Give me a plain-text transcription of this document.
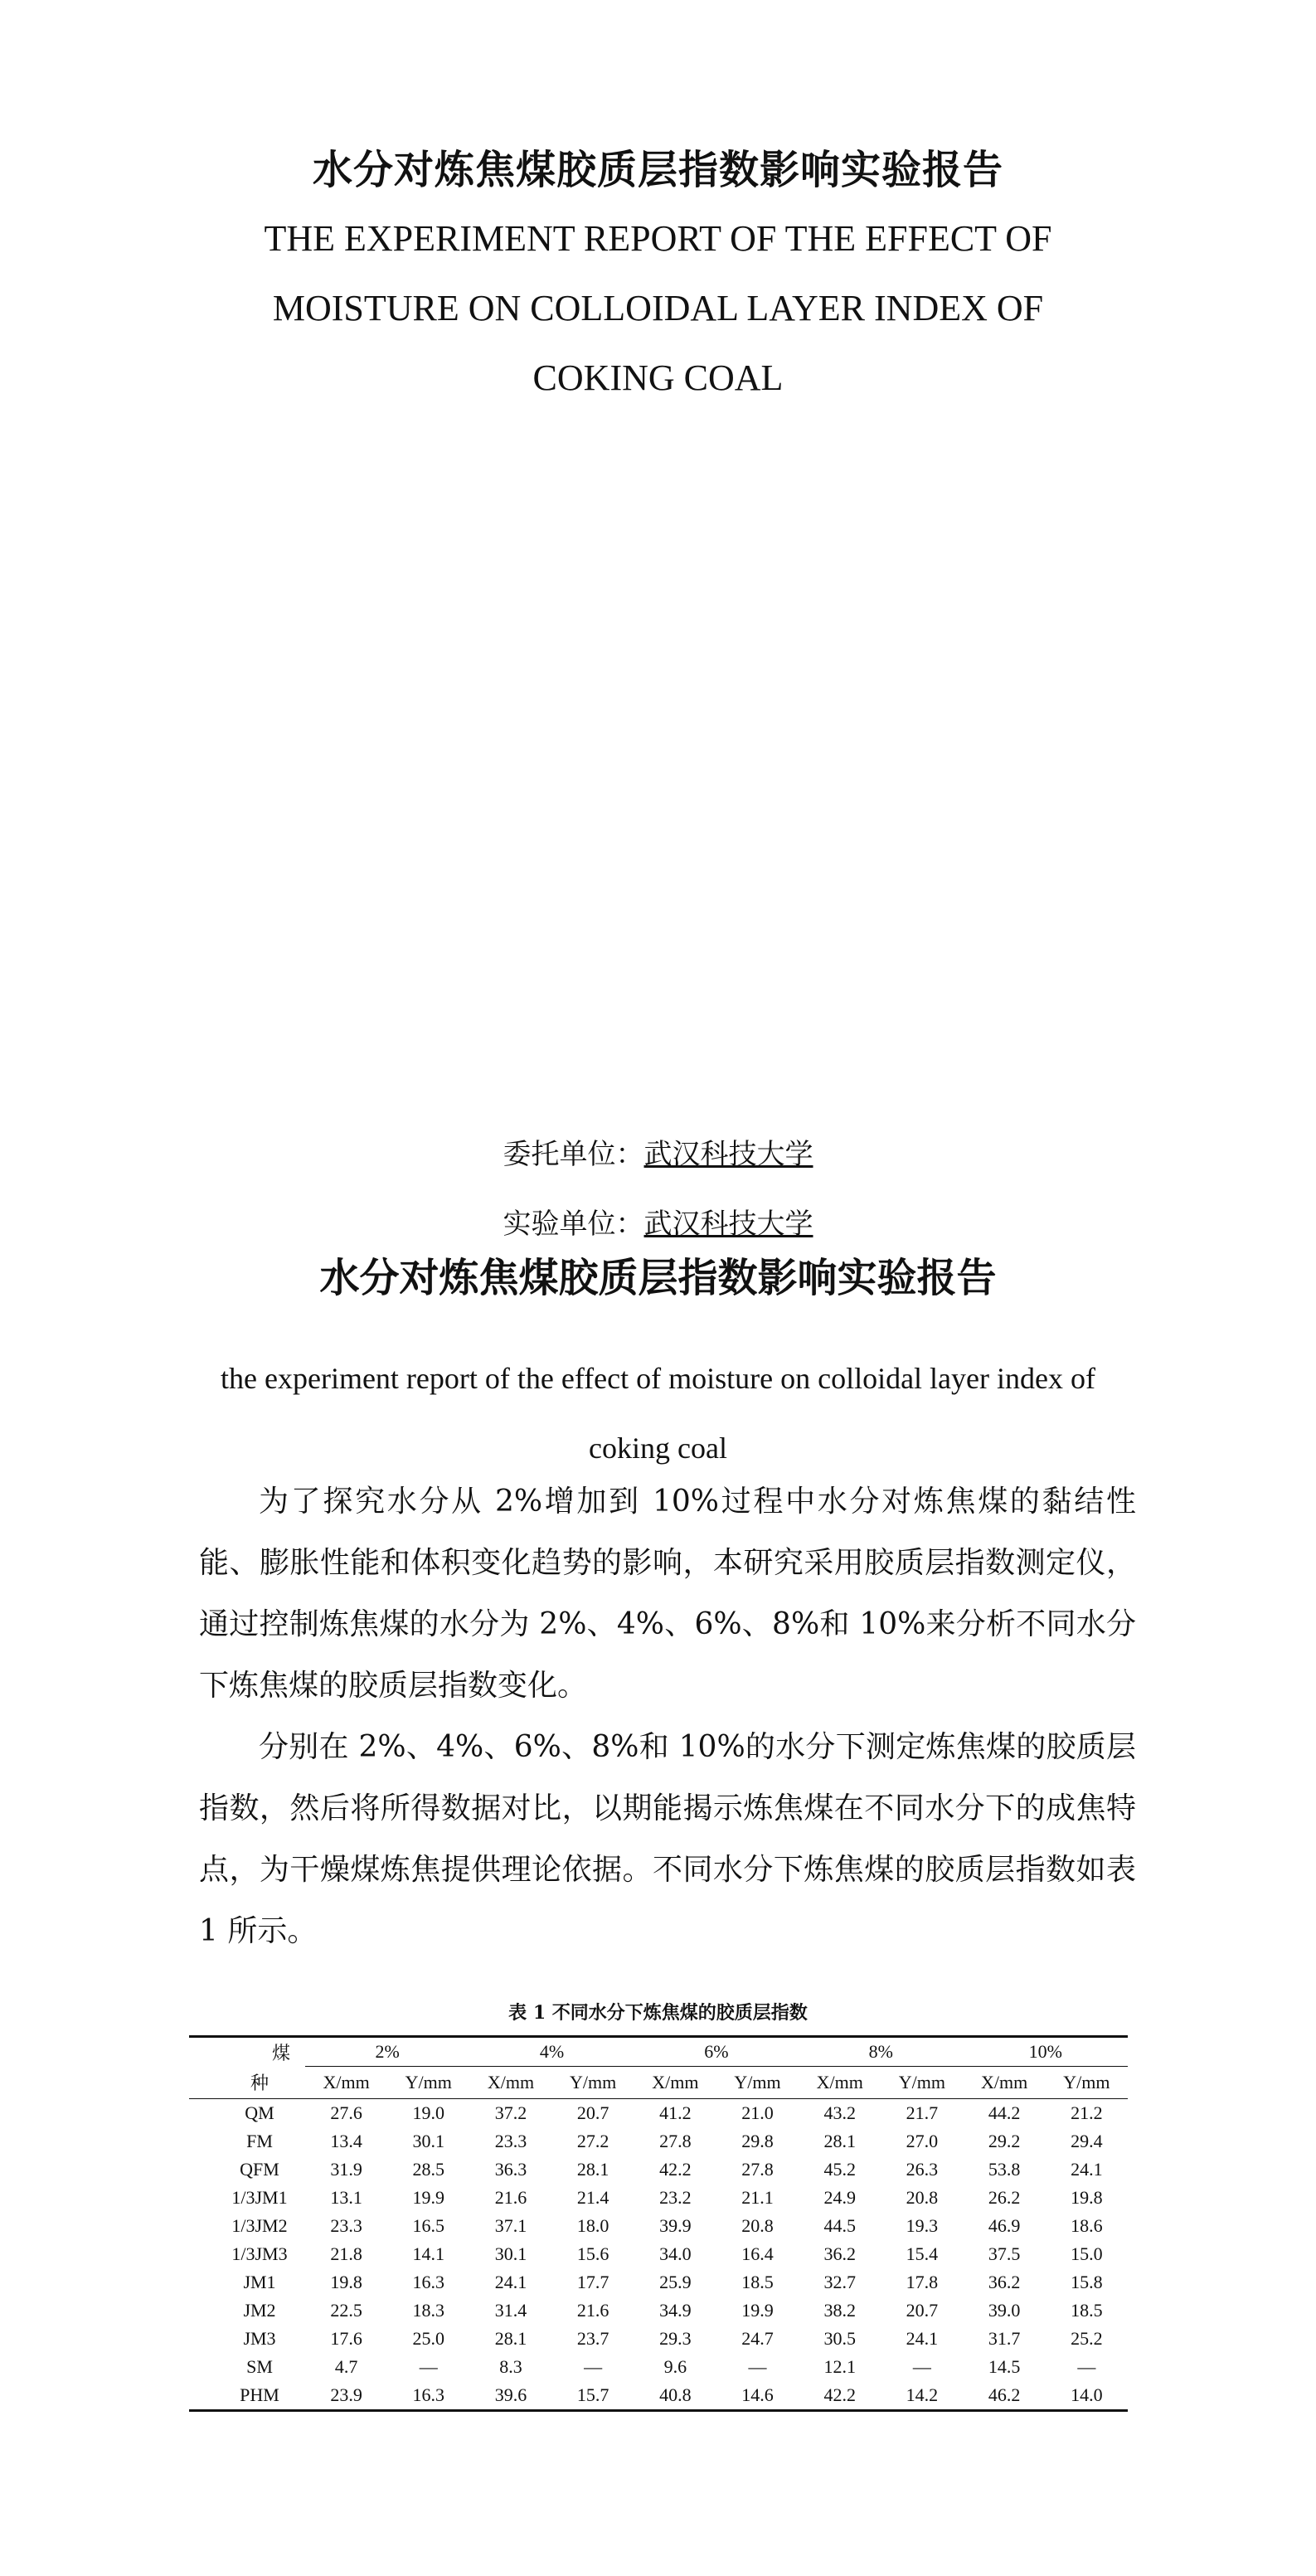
水分对炼焦煤胶质层指数影响实验报告
THE EXPERIMENT REPORT OF THE EFFECT OF
MOISTURE ON COLLOIDAL LAYER INDEX OF
COKING COAL
委托单位：武汉科技大学
实验单位：武汉科技大学
水分对炼焦煤胶质层指数影响实验报告
the experiment report of the effect of moisture on colloidal layer index of
coking coal

为了探究水分从 2%增加到 10%过程中水分对炼焦煤的黏结性能、膨胀性能和体积变化趋势的影响，本研究采用胶质层指数测定仪，通过控制炼焦煤的水分为 2%、4%、6%、8%和 10%来分析不同水分下炼焦煤的胶质层指数变化。

分别在 2%、4%、6%、8%和 10%的水分下测定炼焦煤的胶质层指数，然后将所得数据对比，以期能揭示炼焦煤在不同水分下的成焦特点，为干燥煤炼焦提供理论依据。不同水分下炼焦煤的胶质层指数如表 1 所示。

表 1 不同水分下炼焦煤的胶质层指数
煤	2%		4%		6%		8%		10%	
种	X/mm	Y/mm	X/mm	Y/mm	X/mm	Y/mm	X/mm	Y/mm	X/mm	Y/mm
QM	27.6	19.0	37.2	20.7	41.2	21.0	43.2	21.7	44.2	21.2
FM	13.4	30.1	23.3	27.2	27.8	29.8	28.1	27.0	29.2	29.4
QFM	31.9	28.5	36.3	28.1	42.2	27.8	45.2	26.3	53.8	24.1
1/3JM1	13.1	19.9	21.6	21.4	23.2	21.1	24.9	20.8	26.2	19.8
1/3JM2	23.3	16.5	37.1	18.0	39.9	20.8	44.5	19.3	46.9	18.6
1/3JM3	21.8	14.1	30.1	15.6	34.0	16.4	36.2	15.4	37.5	15.0
JM1	19.8	16.3	24.1	17.7	25.9	18.5	32.7	17.8	36.2	15.8
JM2	22.5	18.3	31.4	21.6	34.9	19.9	38.2	20.7	39.0	18.5
JM3	17.6	25.0	28.1	23.7	29.3	24.7	30.5	24.1	31.7	25.2
SM	4.7	—	8.3	—	9.6	—	12.1	—	14.5	—
PHM	23.9	16.3	39.6	15.7	40.8	14.6	42.2	14.2	46.2	14.0
